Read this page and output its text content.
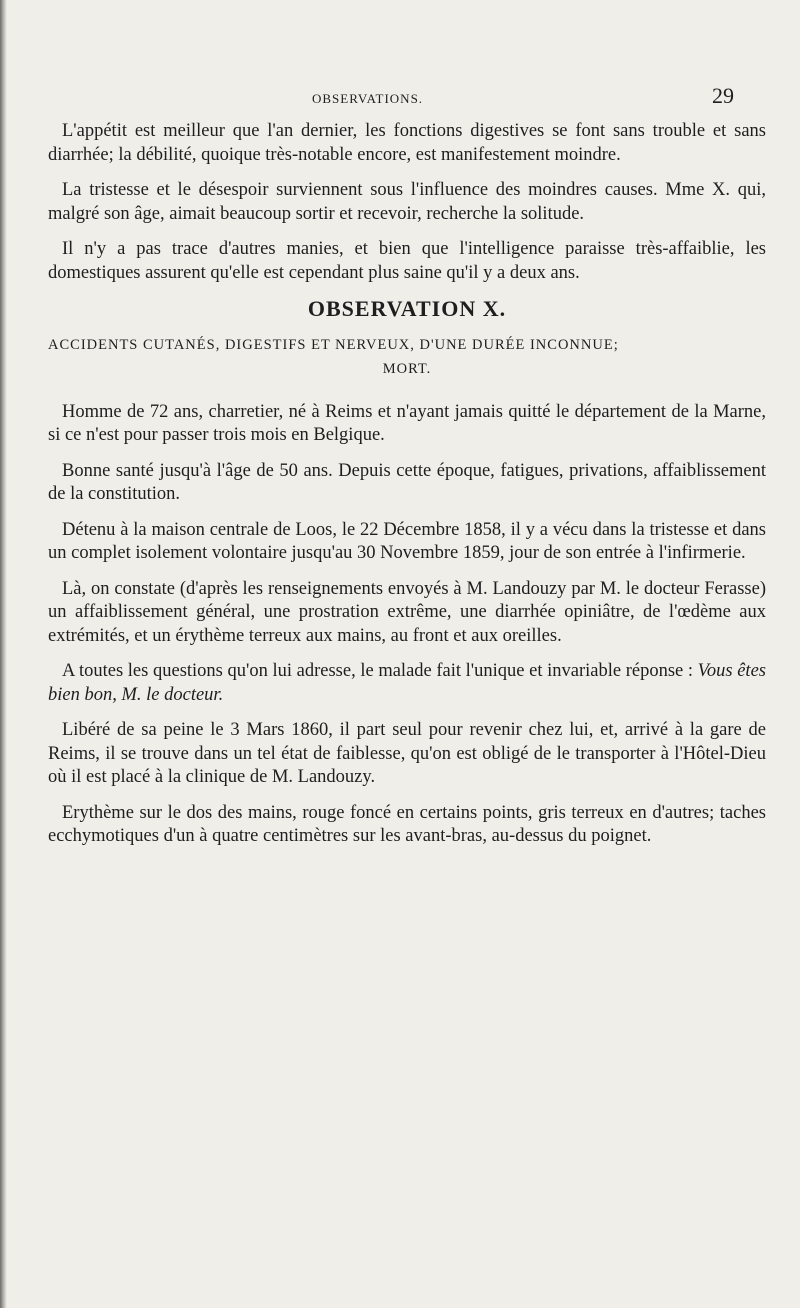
OBSERVATIONS.	29

L'appétit est meilleur que l'an dernier, les fonctions digestives se font sans trouble et sans diarrhée; la débilité, quoique très-notable encore, est manifestement moindre.

La tristesse et le désespoir surviennent sous l'influence des moindres causes. Mme X. qui, malgré son âge, aimait beaucoup sortir et recevoir, recherche la solitude.

Il n'y a pas trace d'autres manies, et bien que l'intelligence paraisse très-affaiblie, les domestiques assurent qu'elle est cependant plus saine qu'il y a deux ans.

OBSERVATION X.

ACCIDENTS CUTANÉS, DIGESTIFS ET NERVEUX, D'UNE DURÉE INCONNUE;
MORT.

Homme de 72 ans, charretier, né à Reims et n'ayant jamais quitté le département de la Marne, si ce n'est pour passer trois mois en Belgique.

Bonne santé jusqu'à l'âge de 50 ans. Depuis cette époque, fatigues, privations, affaiblissement de la constitution.

Détenu à la maison centrale de Loos, le 22 Décembre 1858, il y a vécu dans la tristesse et dans un complet isolement volontaire jusqu'au 30 Novembre 1859, jour de son entrée à l'infirmerie.

Là, on constate (d'après les renseignements envoyés à M. Landouzy par M. le docteur Ferasse) un affaiblissement général, une prostration extrême, une diarrhée opiniâtre, de l'œdème aux extrémités, et un érythème terreux aux mains, au front et aux oreilles.

A toutes les questions qu'on lui adresse, le malade fait l'unique et invariable réponse : Vous êtes bien bon, M. le docteur.

Libéré de sa peine le 3 Mars 1860, il part seul pour revenir chez lui, et, arrivé à la gare de Reims, il se trouve dans un tel état de faiblesse, qu'on est obligé de le transporter à l'Hôtel-Dieu où il est placé à la clinique de M. Landouzy.

Erythème sur le dos des mains, rouge foncé en certains points, gris terreux en d'autres; taches ecchymotiques d'un à quatre centimètres sur les avant-bras, au-dessus du poignet.
